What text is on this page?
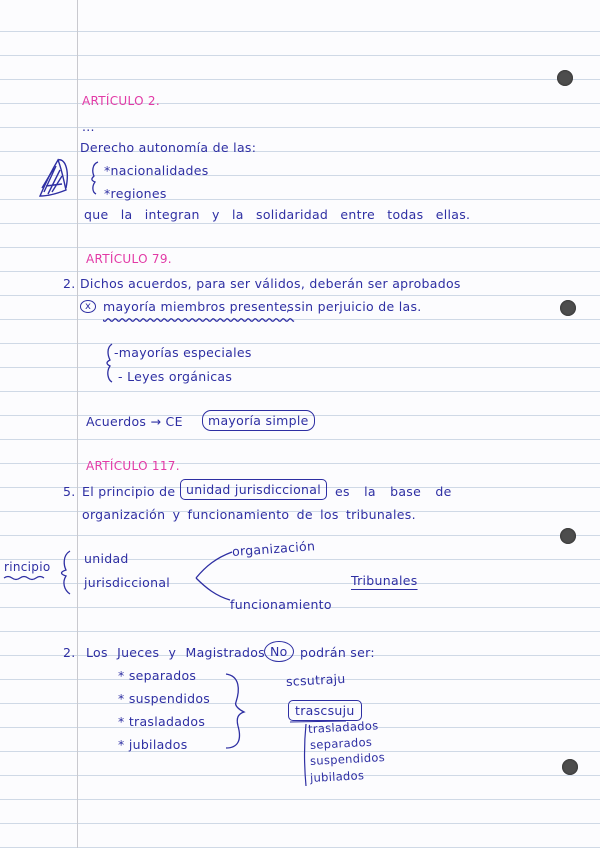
ARTÍCULO 2.
...
Derecho autonomía de las:
*nacionalidades
*regiones
que la integran y la solidaridad entre todas ellas.
ARTÍCULO 79.
2. Dichos acuerdos, para ser válidos, deberán ser aprobados
x mayoría miembros presentes
, sin perjuicio de las.
-mayorías especiales
- Leyes orgánicas
Acuerdos → CE	mayoría simple
ARTÍCULO 117.
5. El principio de unidad jurisdiccional	es la base de
organización y funcionamiento de los tribunales.
rincipio
unidad
jurisdiccional
organización
funcionamiento
Tribunales
2. Los Jueces y Magistrados No podrán ser:
* separados
* suspendidos
* trasladados
* jubilados
scsutraju
trascsuju
trasladados
separados
suspendidos
jubilados
